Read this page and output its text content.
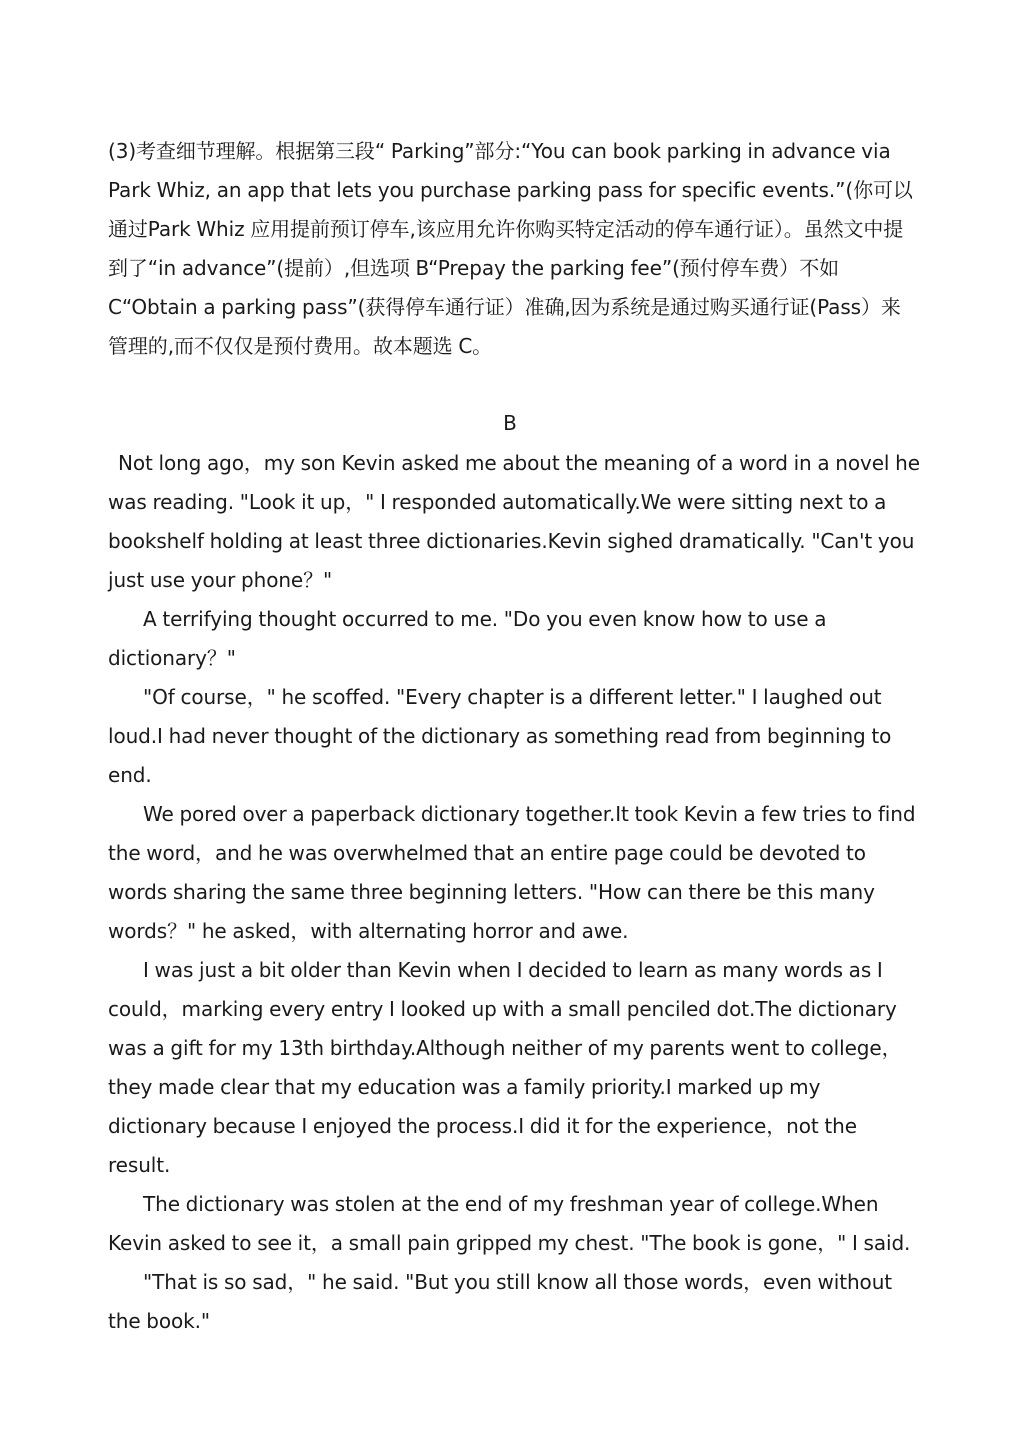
(3)考查细节理解。根据第三段“ Parking”部分:“You can book parking in advance via Park Whiz, an app that lets you purchase parking pass for specific events.”(你可以通过Park Whiz 应用提前预订停车,该应用允许你购买特定活动的停车通行证）。虽然文中提到了“in advance”(提前）,但选项 B“Prepay the parking fee”(预付停车费）不如 C“Obtain a parking pass”(获得停车通行证）准确,因为系统是通过购买通行证(Pass）来管理的,而不仅仅是预付费用。故本题选 C。

B

Not long ago，my son Kevin asked me about the meaning of a word in a novel he was reading. "Look it up，" I responded automatically.We were sitting next to a bookshelf holding at least three dictionaries.Kevin sighed dramatically. "Can't you just use your phone？"

A terrifying thought occurred to me. "Do you even know how to use a dictionary？"

"Of course，" he scoffed. "Every chapter is a different letter." I laughed out loud.I had never thought of the dictionary as something read from beginning to end.

We pored over a paperback dictionary together.It took Kevin a few tries to find the word，and he was overwhelmed that an entire page could be devoted to words sharing the same three beginning letters. "How can there be this many words？" he asked，with alternating horror and awe.

I was just a bit older than Kevin when I decided to learn as many words as I could，marking every entry I looked up with a small penciled dot.The dictionary was a gift for my 13th birthday.Although neither of my parents went to college，they made clear that my education was a family priority.I marked up my dictionary because I enjoyed the process.I did it for the experience，not the result.

The dictionary was stolen at the end of my freshman year of college.When Kevin asked to see it，a small pain gripped my chest. "The book is gone，" I said.

"That is so sad，" he said. "But you still know all those words，even without the book."
